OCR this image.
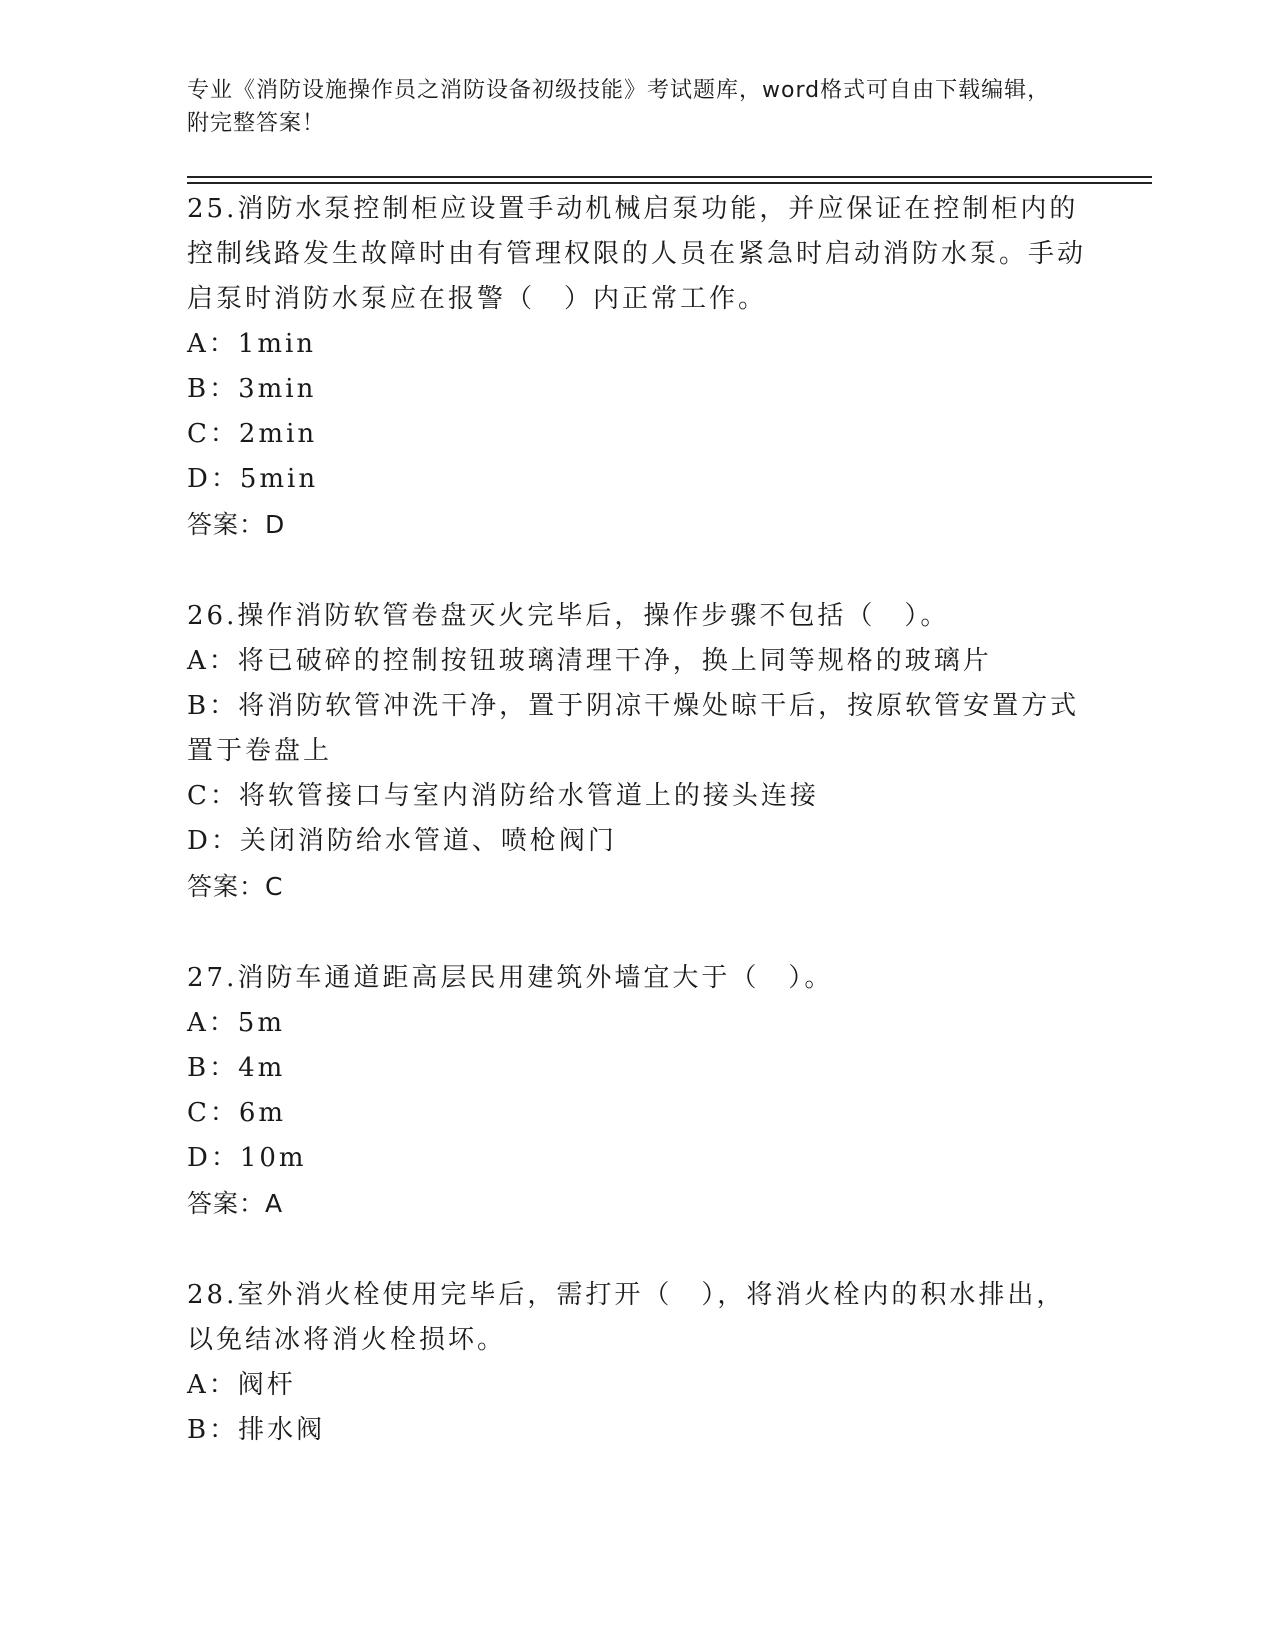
专业《消防设施操作员之消防设备初级技能》考试题库，word格式可自由下载编辑，附完整答案！

25.消防水泵控制柜应设置手动机械启泵功能，并应保证在控制柜内的控制线路发生故障时由有管理权限的人员在紧急时启动消防水泵。手动启泵时消防水泵应在报警（　）内正常工作。

A：1min

B：3min

C：2min

D：5min

答案：D

26.操作消防软管卷盘灭火完毕后，操作步骤不包括（　）。

A：将已破碎的控制按钮玻璃清理干净，换上同等规格的玻璃片

B：将消防软管冲洗干净，置于阴凉干燥处晾干后，按原软管安置方式置于卷盘上

C：将软管接口与室内消防给水管道上的接头连接

D：关闭消防给水管道、喷枪阀门

答案：C

27.消防车通道距高层民用建筑外墙宜大于（　）。

A：5m

B：4m

C：6m

D：10m

答案：A

28.室外消火栓使用完毕后，需打开（　），将消火栓内的积水排出，以免结冰将消火栓损坏。

A：阀杆

B：排水阀
